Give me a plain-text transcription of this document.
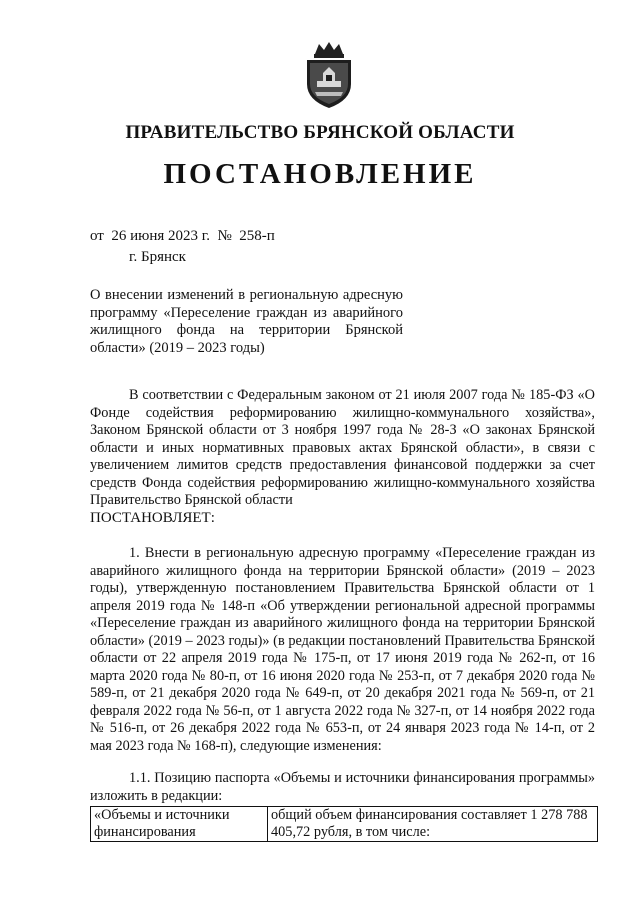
ПРАВИТЕЛЬСТВО БРЯНСКОЙ ОБЛАСТИ
ПОСТАНОВЛЕНИЕ
от  26 июня 2023 г.  №  258-п
г. Брянск
О внесении изменений в региональную адресную программу «Переселение граждан из аварийного жилищного фонда на территории Брянской области» (2019 – 2023 годы)
В соответствии с Федеральным законом от 21 июля 2007 года № 185-ФЗ «О Фонде содействия реформированию жилищно-коммунального хозяйства», Законом Брянской области от 3 ноября 1997 года № 28-З «О законах Брянской области и иных нормативных правовых актах Брянской области», в связи с увеличением лимитов средств предоставления финансовой поддержки за счет средств Фонда содействия реформированию жилищно-коммунального хозяйства Правительство Брянской области
ПОСТАНОВЛЯЕТ:
1. Внести в региональную адресную программу «Переселение граждан из аварийного жилищного фонда на территории Брянской области» (2019 – 2023 годы), утвержденную постановлением Правительства Брянской области от 1 апреля 2019 года № 148-п «Об утверждении региональной адресной программы «Переселение граждан из аварийного жилищного фонда на территории Брянской области» (2019 – 2023 годы)» (в редакции постановлений Правительства Брянской области от 22 апреля 2019 года № 175-п, от 17 июня 2019 года № 262-п, от 16 марта 2020 года № 80-п, от 16 июня 2020 года № 253-п, от 7 декабря 2020 года № 589-п, от 21 декабря 2020 года № 649-п, от 20 декабря 2021 года № 569-п, от 21 февраля 2022 года № 56-п, от 1 августа 2022 года № 327-п, от 14 ноября 2022 года № 516-п, от 26 декабря 2022 года № 653-п, от 24 января 2023 года № 14-п, от 2 мая 2023 года № 168-п), следующие изменения:
1.1. Позицию паспорта «Объемы и источники финансирования программы» изложить в редакции:
«Объемы и источники финансирования	общий объем финансирования составляет 1 278 788 405,72 рубля, в том числе:
